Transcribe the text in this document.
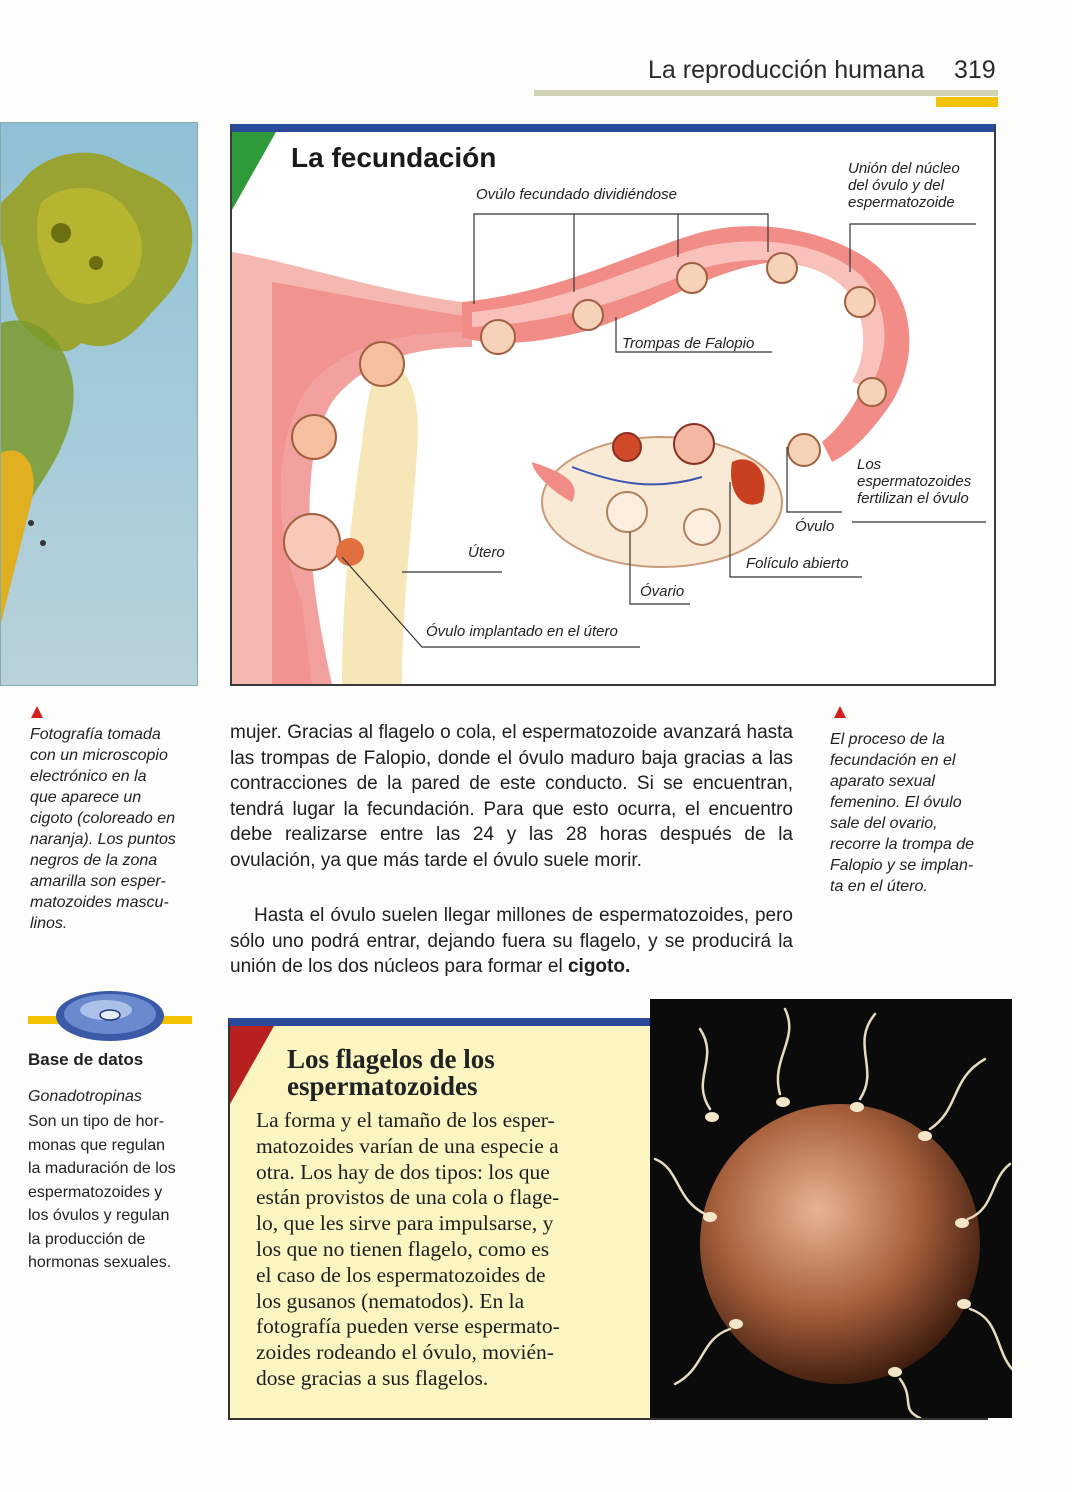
La reproducción humana 319
La fecundación
Ovúlo fecundado dividiéndose
Unión del núcleo
del óvulo y del
espermatozoide
Trompas de Falopio
Los
espermatozoides
fertilizan el óvulo
Óvulo
Útero
Folículo abierto
Óvario
Óvulo implantado en el útero
Fotografía tomada
con un microscopio
electrónico en la
que aparece un
cigoto (coloreado en
naranja). Los puntos
negros de la zona
amarilla son esper-
matozoides mascu-
linos.
El proceso de la
fecundación en el
aparato sexual
femenino. El óvulo
sale del ovario,
recorre la trompa de
Falopio y se implan-
ta en el útero.
mujer. Gracias al flagelo o cola, el espermatozoide avanzará hasta las trompas de Falopio, donde el óvulo maduro baja gracias a las contracciones de la pared de este conducto. Si se encuentran, tendrá lugar la fecundación. Para que esto ocurra, el encuentro debe realizarse entre las 24 y las 28 horas después de la ovulación, ya que más tarde el óvulo suele morir.
Hasta el óvulo suelen llegar millones de espermatozoides, pero sólo uno podrá entrar, dejando fuera su flagelo, y se producirá la unión de los dos núcleos para formar el cigoto.
Base de datos
Gonadotropinas
Son un tipo de hor-
monas que regulan
la maduración de los
espermatozoides y
los óvulos y regulan
la producción de
hormonas sexuales.
Los flagelos de los espermatozoides
La forma y el tamaño de los esper-
matozoides varían de una especie a
otra. Los hay de dos tipos: los que
están provistos de una cola o flage-
lo, que les sirve para impulsarse, y
los que no tienen flagelo, como es
el caso de los espermatozoides de
los gusanos (nematodos). En la
fotografía pueden verse espermato-
zoides rodeando el óvulo, movién-
dose gracias a sus flagelos.
